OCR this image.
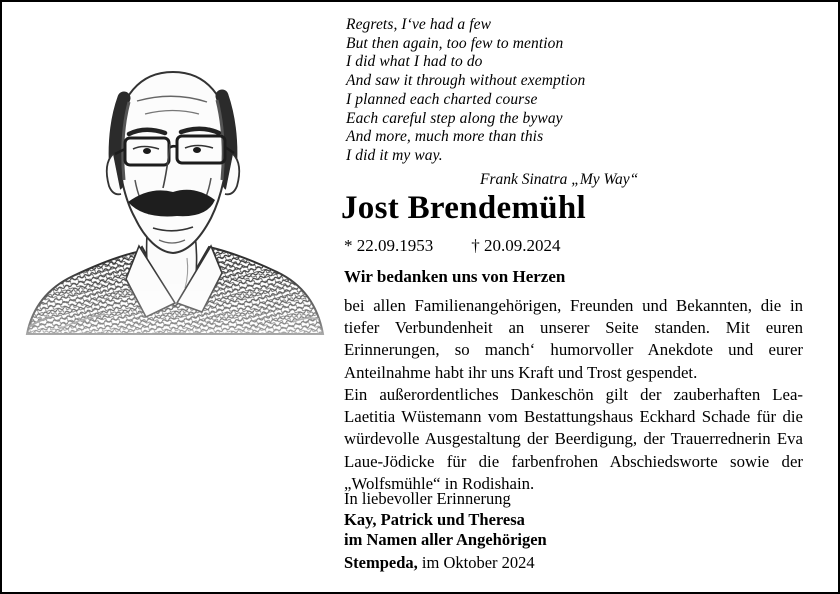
Regrets, I‘ve had a few
But then again, too few to mention
I did what I had to do
And saw it through without exemption
I planned each charted course
Each careful step along the byway
And more, much more than this
I did it my way.
Frank Sinatra „My Way“
Jost Brendemühl
* 22.09.1953 † 20.09.2024
Wir bedanken uns von Herzen

bei allen Familienangehörigen, Freunden und Bekannten, die in tiefer Verbundenheit an unserer Seite standen. Mit euren Erinnerungen, so manch‘ humorvoller Anekdote und eurer Anteilnahme habt ihr uns Kraft und Trost gespendet.

Ein außerordentliches Dankeschön gilt der zauberhaften Lea-Laetitia Wüstemann vom Bestattungshaus Eckhard Schade für die würdevolle Ausgestaltung der Beerdigung, der Trauerrednerin Eva Laue-Jödicke für die farbenfrohen Abschiedsworte sowie der „Wolfsmühle“ in Rodishain.

In liebevoller Erinnerung
Kay, Patrick und Theresa
im Namen aller Angehörigen
Stempeda, im Oktober 2024
